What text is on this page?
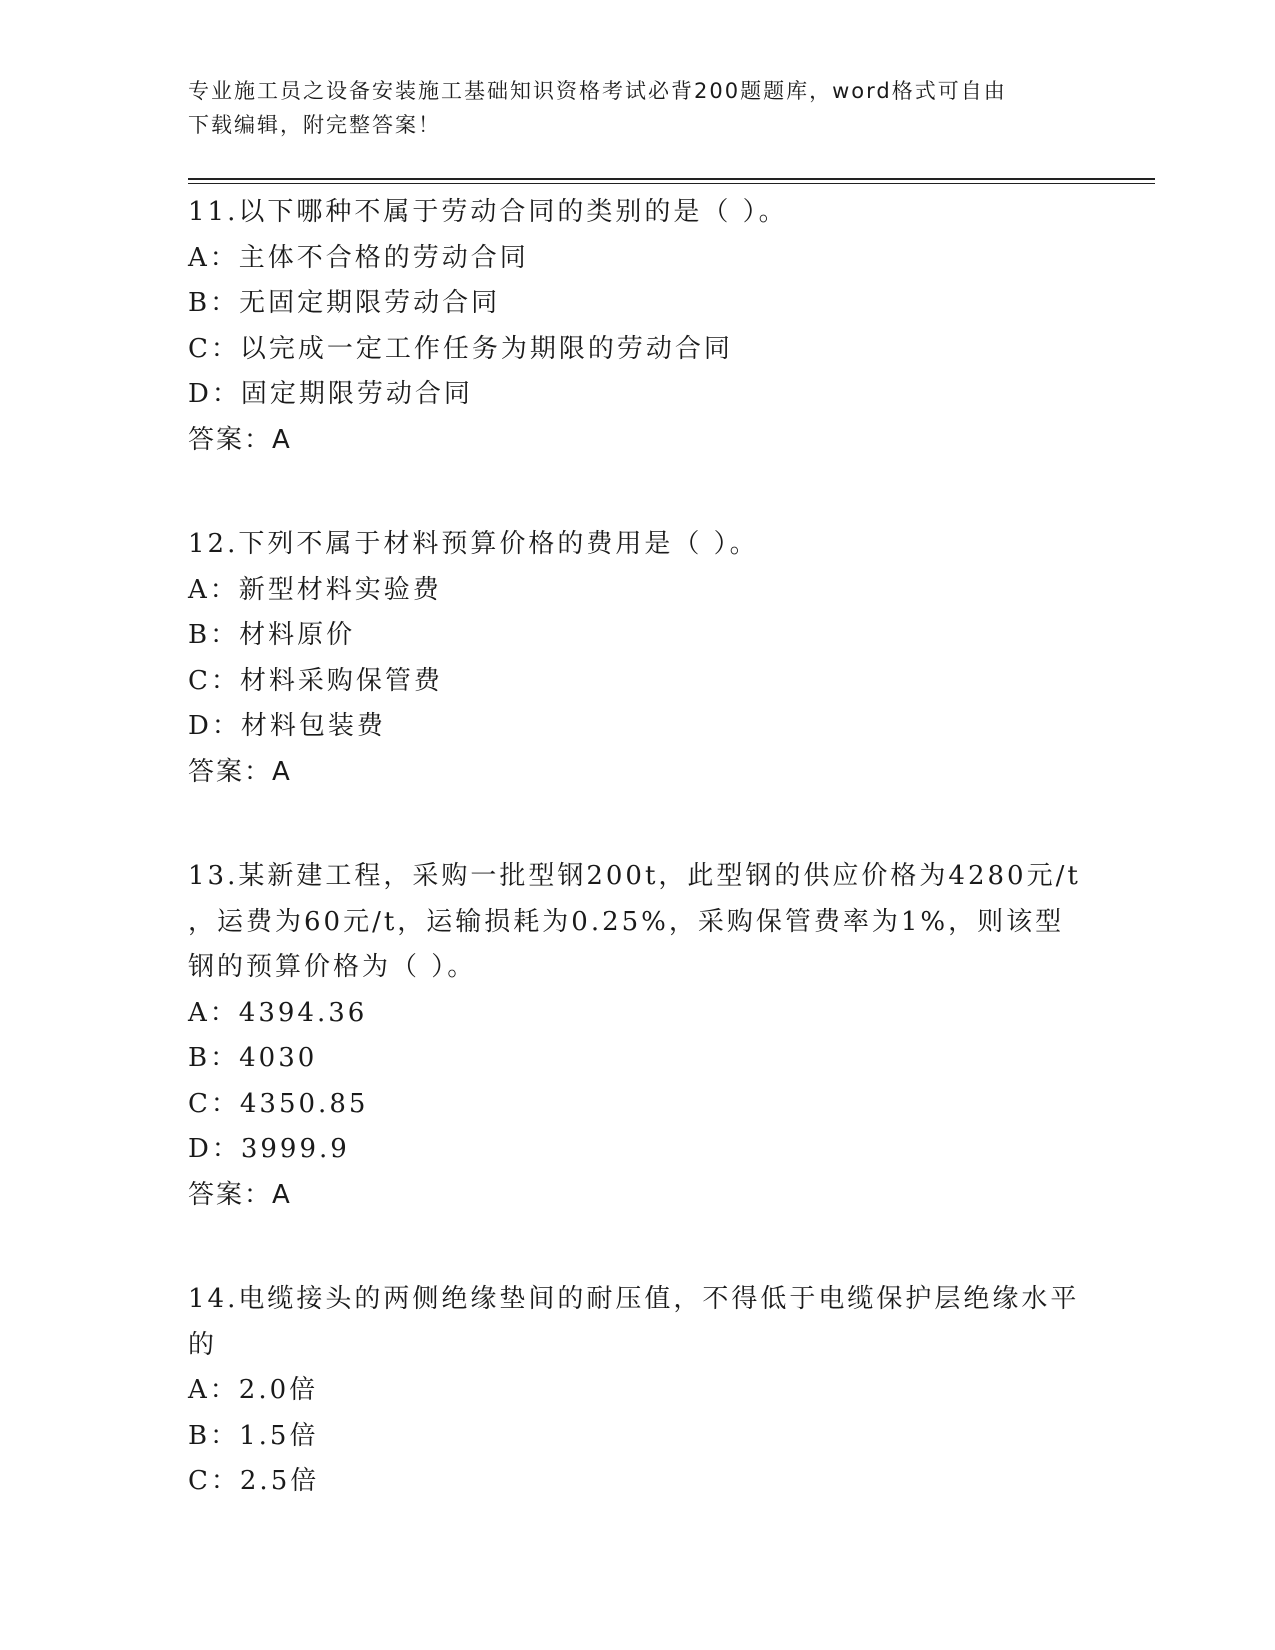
专业施工员之设备安装施工基础知识资格考试必背200题题库，word格式可自由
下载编辑，附完整答案！
11.以下哪种不属于劳动合同的类别的是（ ）。
A：主体不合格的劳动合同
B：无固定期限劳动合同
C：以完成一定工作任务为期限的劳动合同
D：固定期限劳动合同
答案：A
12.下列不属于材料预算价格的费用是（ ）。
A：新型材料实验费
B：材料原价
C：材料采购保管费
D：材料包装费
答案：A
13.某新建工程，采购一批型钢200t，此型钢的供应价格为4280元/t
，运费为60元/t，运输损耗为0.25%，采购保管费率为1%，则该型
钢的预算价格为（ ）。
A：4394.36
B：4030
C：4350.85
D：3999.9
答案：A
14.电缆接头的两侧绝缘垫间的耐压值，不得低于电缆保护层绝缘水平
的
A：2.0倍
B：1.5倍
C：2.5倍
